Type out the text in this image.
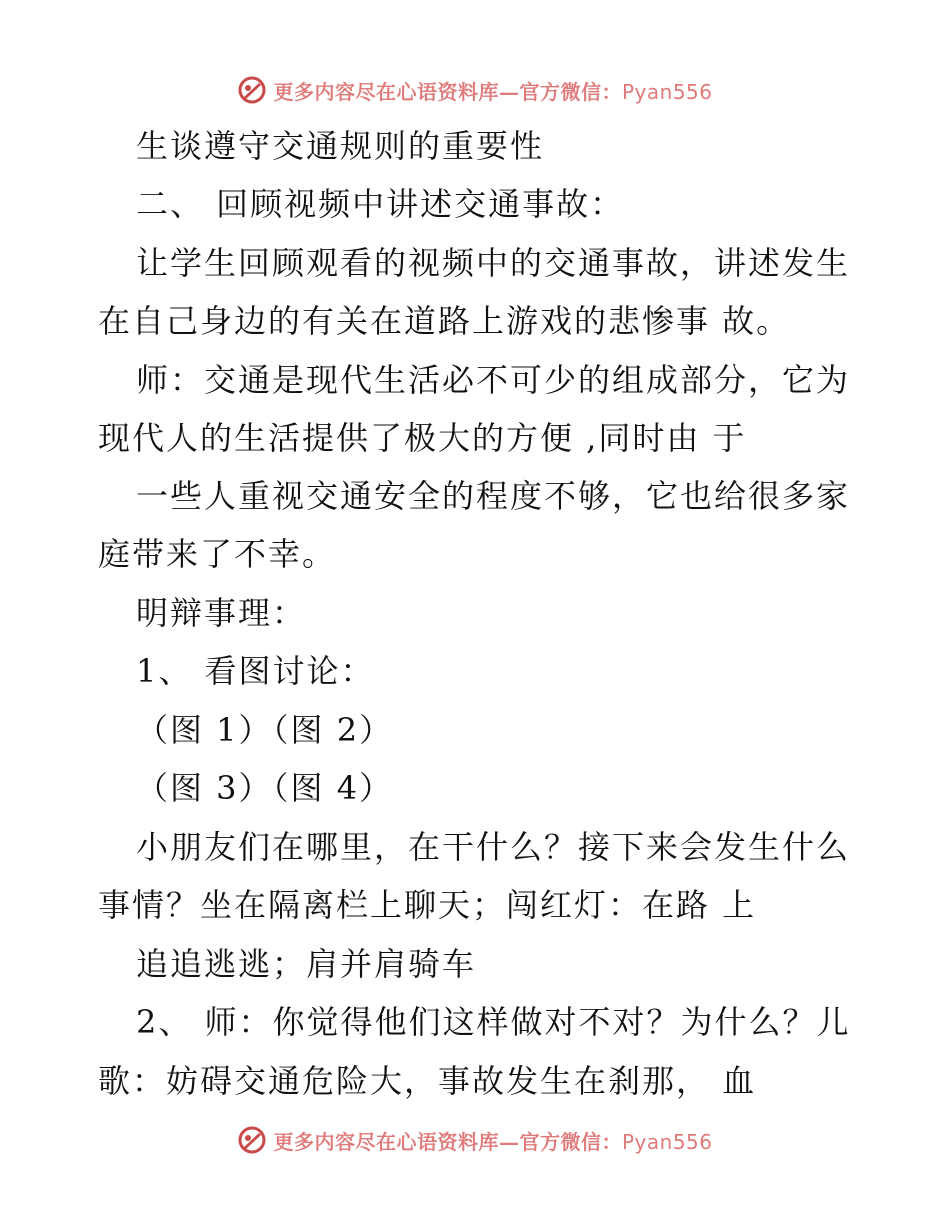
更多内容尽在心语资料库—官方微信：Pyan556
生谈遵守交通规则的重要性
二、 回顾视频中讲述交通事故：
让学生回顾观看的视频中的交通事故，讲述发生
在自己身边的有关在道路上游戏的悲惨事 故。
师：交通是现代生活必不可少的组成部分，它为
现代人的生活提供了极大的方便 ,同时由 于
一些人重视交通安全的程度不够，它也给很多家
庭带来了不幸。
明辩事理：
1、 看图讨论：
（图 1）（图 2）
（图 3）（图 4）
小朋友们在哪里，在干什么？接下来会发生什么
事情？坐在隔离栏上聊天；闯红灯：在路 上
追追逃逃；肩并肩骑车
2、 师：你觉得他们这样做对不对？为什么？儿
歌：妨碍交通危险大，事故发生在刹那， 血
更多内容尽在心语资料库—官方微信：Pyan556
